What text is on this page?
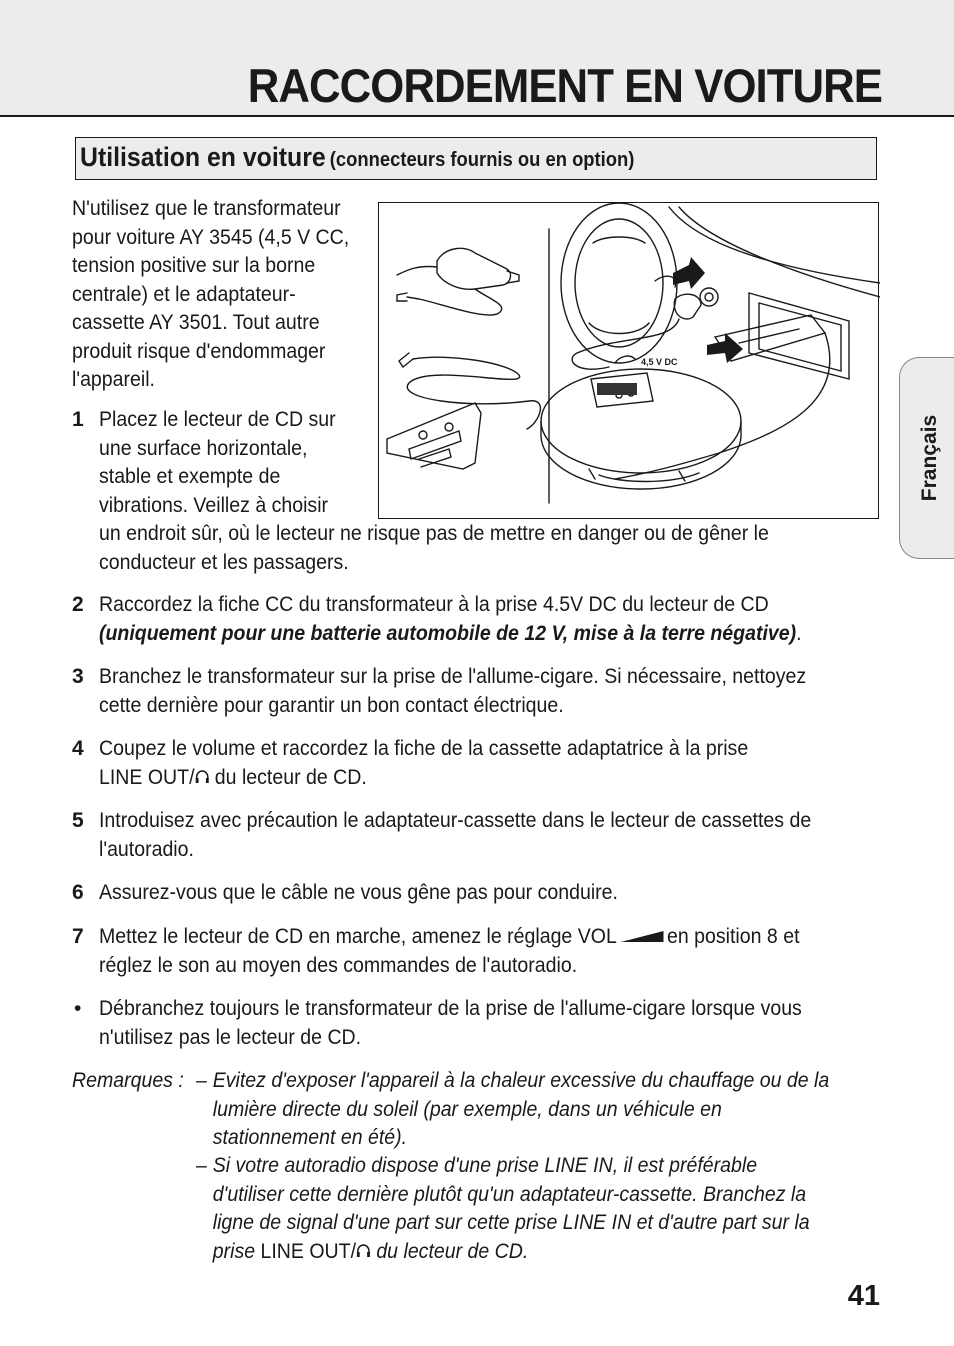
RACCORDEMENT EN VOITURE
Utilisation en voiture (connecteurs fournis ou en option)
Français
N'utilisez que le transformateur
pour voiture AY 3545 (4,5 V CC,
tension positive sur la borne
centrale) et le adaptateur-
cassette AY 3501. Tout autre
produit risque d'endommager
l'appareil.
4,5 V DC
1 Placez le lecteur de CD sur
une surface horizontale,
stable et exempte de
vibrations. Veillez à choisir
un endroit sûr, où le lecteur ne risque pas de mettre en danger ou de gêner le
conducteur et les passagers.
2 Raccordez la fiche CC du transformateur à la prise 4.5V DC du lecteur de CD
(uniquement pour une batterie automobile de 12 V, mise à la terre négative).
3 Branchez le transformateur sur la prise de l'allume-cigare. Si nécessaire, nettoyez
cette dernière pour garantir un bon contact électrique.
4 Coupez le volume et raccordez la fiche de la cassette adaptatrice à la prise
LINE OUT/ du lecteur de CD.
5 Introduisez avec précaution le adaptateur-cassette dans le lecteur de cassettes de
l'autoradio.
6 Assurez-vous que le câble ne vous gêne pas pour conduire.
7 Mettez le lecteur de CD en marche, amenez le réglage VOL en position 8 et
réglez le son au moyen des commandes de l'autoradio.
• Débranchez toujours le transformateur de la prise de l'allume-cigare lorsque vous
n'utilisez pas le lecteur de CD.
Remarques : – Evitez d'exposer l'appareil à la chaleur excessive du chauffage ou de la
lumière directe du soleil (par exemple, dans un véhicule en
stationnement en été).
– Si votre autoradio dispose d'une prise LINE IN, il est préférable
d'utiliser cette dernière plutôt qu'un adaptateur-cassette. Branchez la
ligne de signal d'une part sur cette prise LINE IN et d'autre part sur la
prise LINE OUT/ du lecteur de CD.
41
